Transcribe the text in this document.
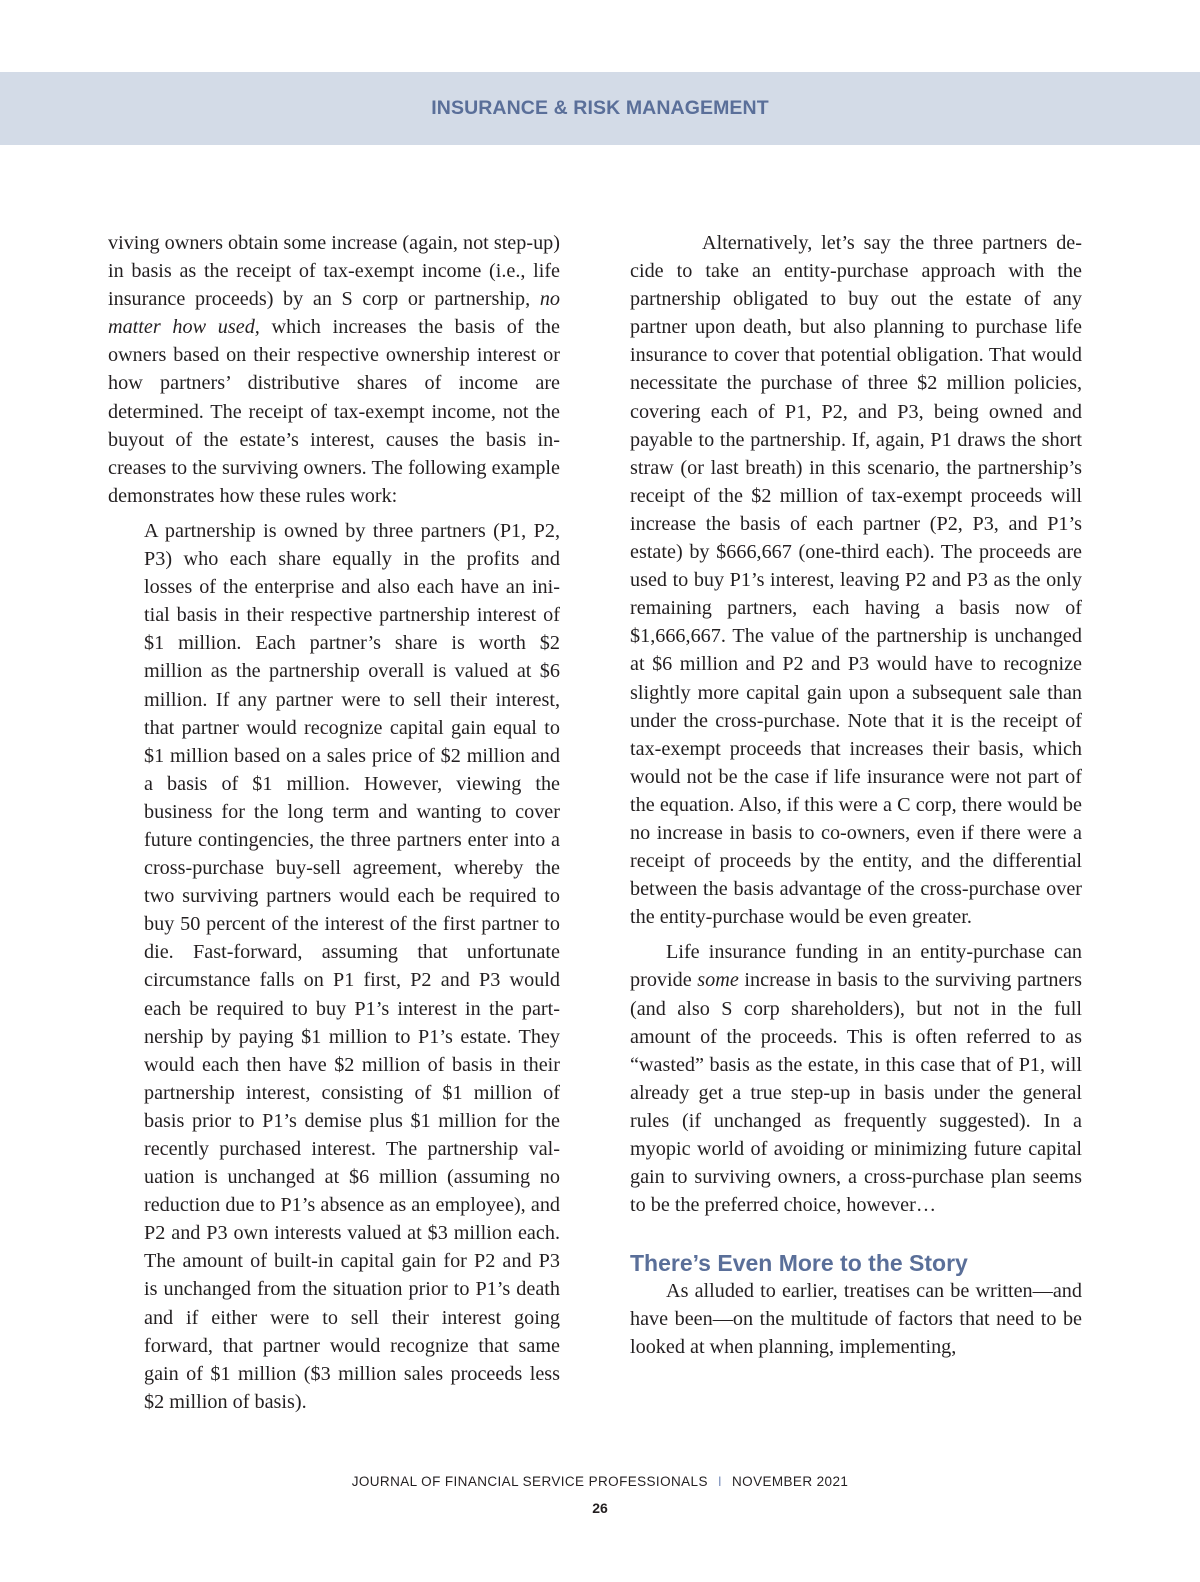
INSURANCE & RISK MANAGEMENT

viving owners obtain some increase (again, not step-up) in basis as the receipt of tax-exempt income (i.e., life insurance proceeds) by an S corp or partnership, no matter how used, which increases the basis of the owners based on their respective ownership interest or how partners’ distributive shares of income are determined. The receipt of tax-exempt income, not the buyout of the estate’s interest, causes the basis increases to the surviving owners. The following example demonstrates how these rules work:

A partnership is owned by three partners (P1, P2, P3) who each share equally in the profits and losses of the enterprise and also each have an initial basis in their respective partnership interest of $1 million. Each partner’s share is worth $2 million as the partnership overall is valued at $6 million. If any partner were to sell their interest, that partner would recognize capital gain equal to $1 million based on a sales price of $2 million and a basis of $1 million. However, viewing the business for the long term and wanting to cover future contingencies, the three partners enter into a cross-purchase buy-sell agreement, whereby the two surviving partners would each be required to buy 50 percent of the interest of the first partner to die. Fast-forward, assuming that unfortunate circumstance falls on P1 first, P2 and P3 would each be required to buy P1’s interest in the partnership by paying $1 million to P1’s estate. They would each then have $2 million of basis in their partnership interest, consisting of $1 million of basis prior to P1’s demise plus $1 million for the recently purchased interest. The partnership valuation is unchanged at $6 million (assuming no reduction due to P1’s absence as an employee), and P2 and P3 own interests valued at $3 million each. The amount of built-in capital gain for P2 and P3 is unchanged from the situation prior to P1’s death and if either were to sell their interest going forward, that partner would recognize that same gain of $1 million ($3 million sales proceeds less $2 million of basis).

Alternatively, let’s say the three partners decide to take an entity-purchase approach with the partnership obligated to buy out the estate of any partner upon death, but also planning to purchase life insurance to cover that potential obligation. That would necessitate the purchase of three $2 million policies, covering each of P1, P2, and P3, being owned and payable to the partnership. If, again, P1 draws the short straw (or last breath) in this scenario, the partnership’s receipt of the $2 million of tax-exempt proceeds will increase the basis of each partner (P2, P3, and P1’s estate) by $666,667 (one-third each). The proceeds are used to buy P1’s interest, leaving P2 and P3 as the only remaining partners, each having a basis now of $1,666,667. The value of the partnership is unchanged at $6 million and P2 and P3 would have to recognize slightly more capital gain upon a subsequent sale than under the cross-purchase. Note that it is the receipt of tax-exempt proceeds that increases their basis, which would not be the case if life insurance were not part of the equation. Also, if this were a C corp, there would be no increase in basis to co-owners, even if there were a receipt of proceeds by the entity, and the differential between the basis advantage of the cross-purchase over the entity-purchase would be even greater.

Life insurance funding in an entity-purchase can provide some increase in basis to the surviving partners (and also S corp shareholders), but not in the full amount of the proceeds. This is often referred to as “wasted” basis as the estate, in this case that of P1, will already get a true step-up in basis under the general rules (if unchanged as frequently suggested). In a myopic world of avoiding or minimizing future capital gain to surviving owners, a cross-purchase plan seems to be the preferred choice, however…

There’s Even More to the Story

As alluded to earlier, treatises can be written—and have been—on the multitude of factors that need to be looked at when planning, implementing,

JOURNAL OF FINANCIAL SERVICE PROFESSIONALS I NOVEMBER 2021
26
